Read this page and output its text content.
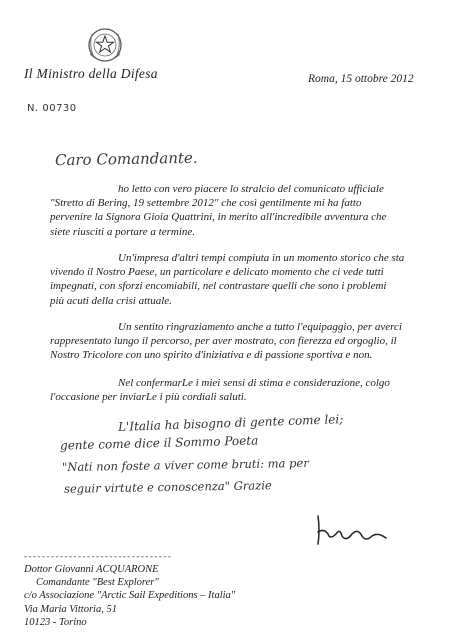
Il Ministro della Difesa	Roma, 15 ottobre 2012
N. 00730
Caro Comandante.
ho letto con vero piacere lo stralcio del comunicato ufficiale
"Stretto di Bering, 19 settembre 2012" che così gentilmente mi ha fatto
pervenire la Signora Gioia Quattrini, in merito all'incredibile avventura che
siete riusciti a portare a termine.
Un'impresa d'altri tempi compiuta in un momento storico che sta
vivendo il Nostro Paese, un particolare e delicato momento che ci vede tutti
impegnati, con sforzi encomiabili, nel contrastare quelli che sono i problemi
più acuti della crisi attuale.
Un sentito ringraziamento anche a tutto l'equipaggio, per averci
rappresentato lungo il percorso, per aver mostrato, con fierezza ed orgoglio, il
Nostro Tricolore con uno spirito d'iniziativa e di passione sportiva e non.
Nel confermarLe i miei sensi di stima e considerazione, colgo
l'occasione per inviarLe i più cordiali saluti.
L'Italia ha bisogno di gente come lei;
gente come dice il Sommo Poeta
"Nati non foste a viver come bruti: ma per
seguir virtute e conoscenza" Grazie
---------------------------------
Dottor Giovanni ACQUARONE
Comandante "Best Explorer"
c/o Associazione "Arctic Sail Expeditions – Italia"
Via Maria Vittoria, 51
10123 - Torino
